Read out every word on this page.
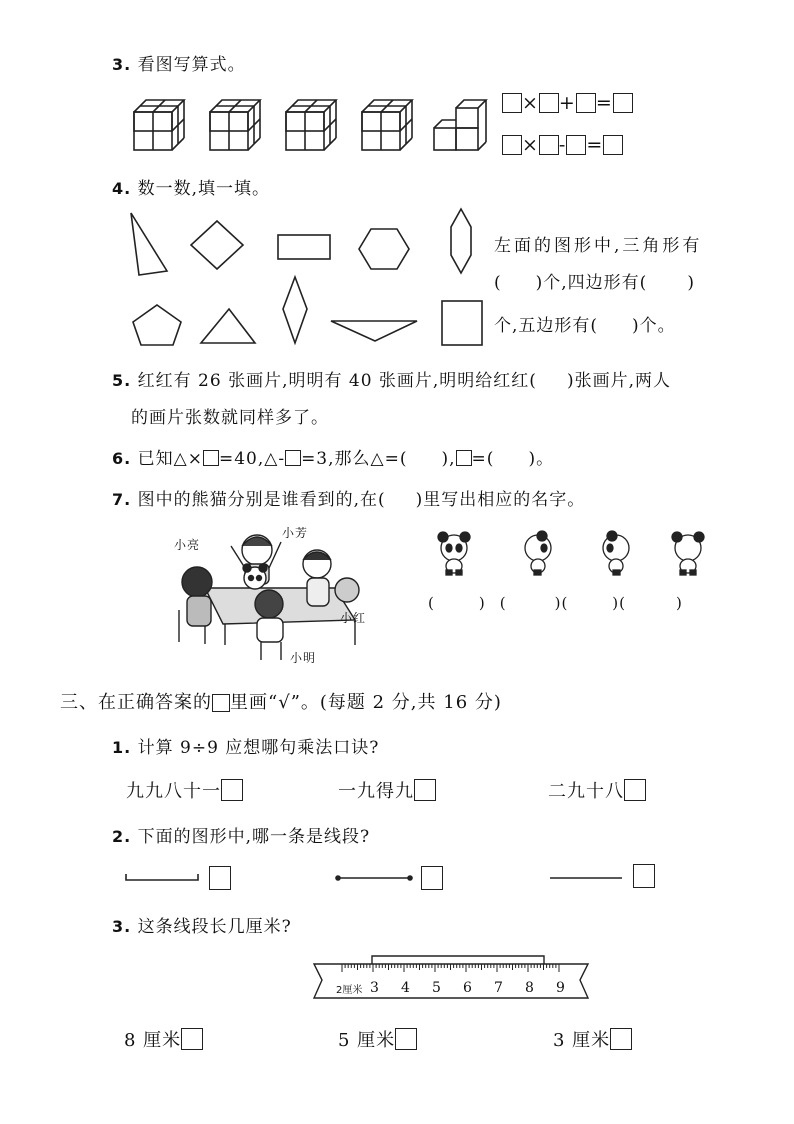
3. 看图写算式。
× + =
× - =
4. 数一数,填一填。
左面的图形中,三角形有
( )个,四边形有( )
个,五边形有( )个。
5. 红红有 26 张画片,明明有 40 张画片,明明给红红( )张画片,两人
的画片张数就同样多了。
6. 已知△× =40,△- =3,那么△=( ), =( )。
7. 图中的熊猫分别是谁看到的,在( )里写出相应的名字。
小亮
小芳
小红
小明
(	) (	)(	)(	)
三、在正确答案的 里画“√”。(每题 2 分,共 16 分)
1. 计算 9÷9 应想哪句乘法口诀?
九九八十一	一九得九	二九十八
2. 下面的图形中,哪一条是线段?
3. 这条线段长几厘米?
2厘米 3 4 5 6 7 8 9
8 厘米	5 厘米	3 厘米
